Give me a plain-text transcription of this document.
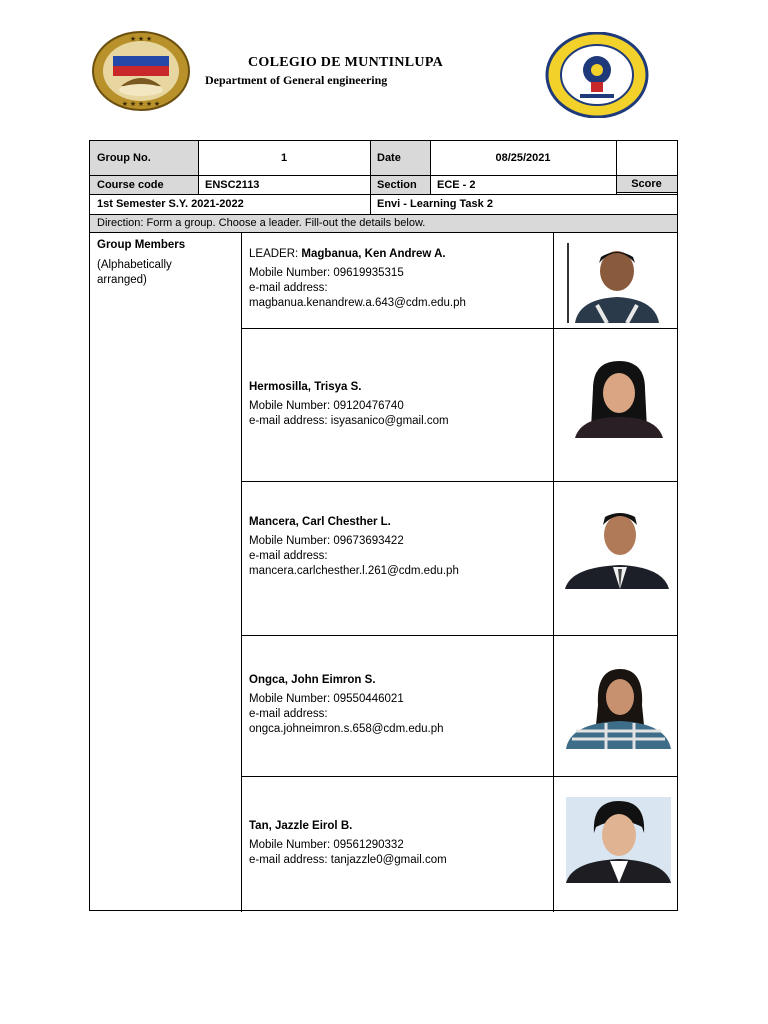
★ ★ ★
★ ★ ★ ★ ★
COLEGIO DE MUNTINLUPA
Department of General engineering
Group No.	1	Date	08/25/2021
Course code	ENSC2113	Section	ECE - 2	Score
1st Semester S.Y. 2021-2022	Envi - Learning Task 2
Direction: Form a group. Choose a leader. Fill-out the details below.
Group Members
(Alphabetically arranged)
LEADER: Magbanua, Ken Andrew A.
Mobile Number: 09619935315
e-mail address:
magbanua.kenandrew.a.643@cdm.edu.ph
Hermosilla, Trisya S.
Mobile Number: 09120476740
e-mail address: isyasanico@gmail.com
Mancera, Carl Chesther L.
Mobile Number: 09673693422
e-mail address:
mancera.carlchesther.l.261@cdm.edu.ph
Ongca, John Eimron S.
Mobile Number: 09550446021
e-mail address:
ongca.johneimron.s.658@cdm.edu.ph
Tan, Jazzle Eirol B.
Mobile Number: 09561290332
e-mail address: tanjazzle0@gmail.com
